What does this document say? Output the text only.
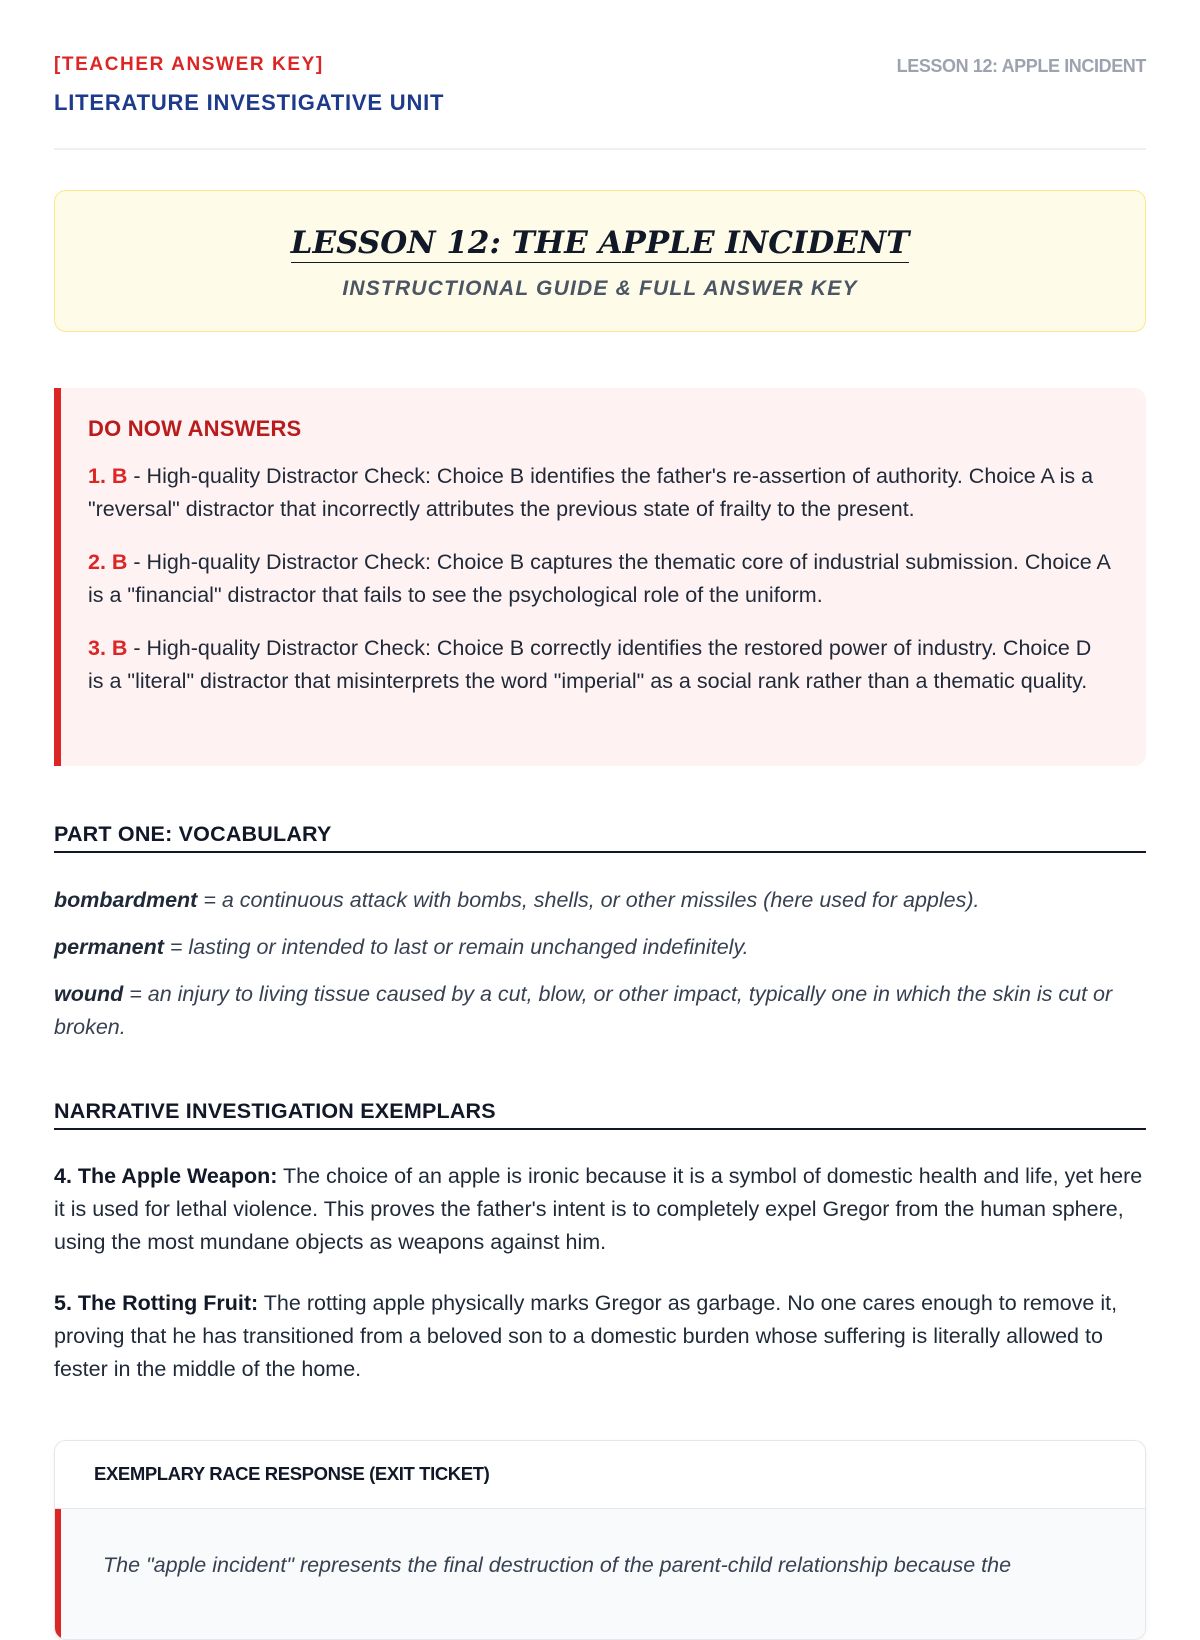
[TEACHER ANSWER KEY]
LITERATURE INVESTIGATIVE UNIT
LESSON 12: APPLE INCIDENT
LESSON 12: THE APPLE INCIDENT
INSTRUCTIONAL GUIDE & FULL ANSWER KEY
DO NOW ANSWERS

1. B - High-quality Distractor Check: Choice B identifies the father's re-assertion of authority. Choice A is a "reversal" distractor that incorrectly attributes the previous state of frailty to the present.

2. B - High-quality Distractor Check: Choice B captures the thematic core of industrial submission. Choice A is a "financial" distractor that fails to see the psychological role of the uniform.

3. B - High-quality Distractor Check: Choice B correctly identifies the restored power of industry. Choice D is a "literal" distractor that misinterprets the word "imperial" as a social rank rather than a thematic quality.

PART ONE: VOCABULARY
bombardment = a continuous attack with bombs, shells, or other missiles (here used for apples).
permanent = lasting or intended to last or remain unchanged indefinitely.
wound = an injury to living tissue caused by a cut, blow, or other impact, typically one in which the skin is cut or broken.
NARRATIVE INVESTIGATION EXEMPLARS
4. The Apple Weapon: The choice of an apple is ironic because it is a symbol of domestic health and life, yet here it is used for lethal violence. This proves the father's intent is to completely expel Gregor from the human sphere, using the most mundane objects as weapons against him.
5. The Rotting Fruit: The rotting apple physically marks Gregor as garbage. No one cares enough to remove it, proving that he has transitioned from a beloved son to a domestic burden whose suffering is literally allowed to fester in the middle of the home.
EXEMPLARY RACE RESPONSE (EXIT TICKET)
The "apple incident" represents the final destruction of the parent-child relationship because the
